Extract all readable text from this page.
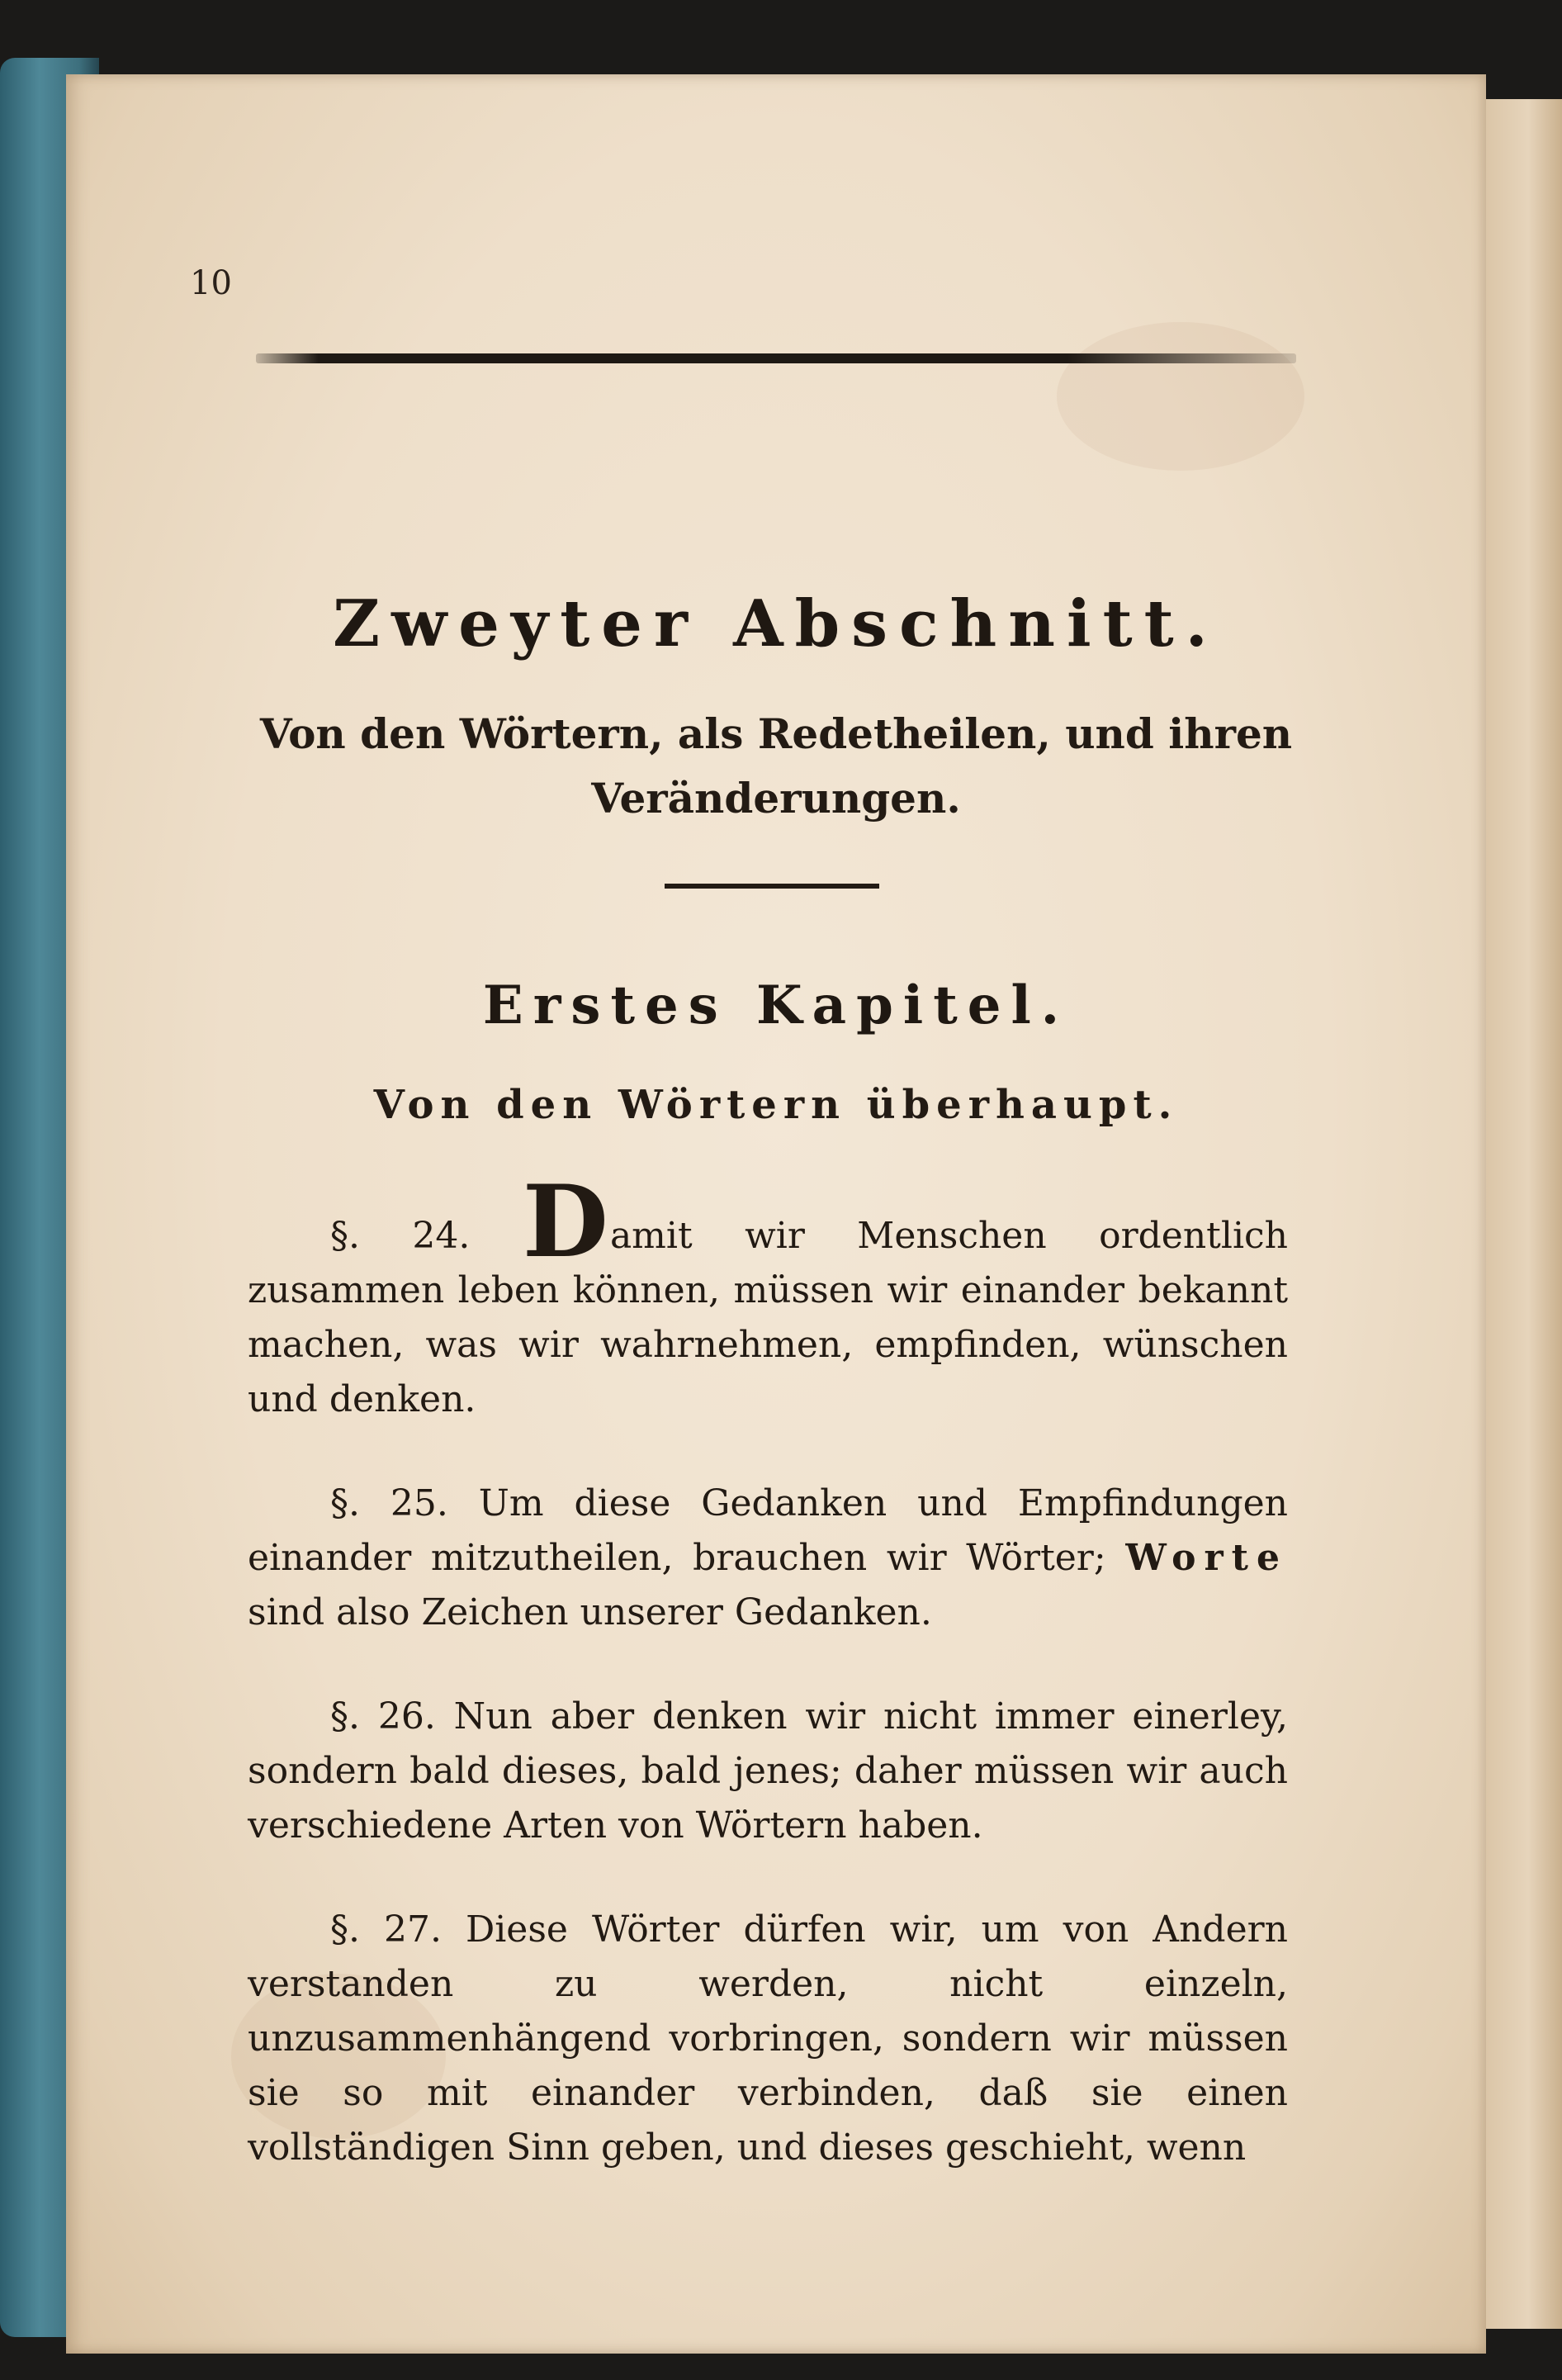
10
Zweyter Abschnitt.
Von den Wörtern, als Redetheilen, und ihren Veränderungen.
Erstes Kapitel.
Von den Wörtern überhaupt.

§. 24. Damit wir Menschen ordentlich zusammen leben können, müssen wir einander bekannt machen, was wir wahrnehmen, empfinden, wünschen und denken.

§. 25. Um diese Gedanken und Empfindungen einander mitzutheilen, brauchen wir Wörter; Worte sind also Zeichen unserer Gedanken.

§. 26. Nun aber denken wir nicht immer einerley, sondern bald dieses, bald jenes; daher müssen wir auch verschiedene Arten von Wörtern haben.

§. 27. Diese Wörter dürfen wir, um von Andern verstanden zu werden, nicht einzeln, unzusammenhängend vorbringen, sondern wir müssen sie so mit einander verbinden, daß sie einen vollständigen Sinn geben, und dieses geschieht, wenn
